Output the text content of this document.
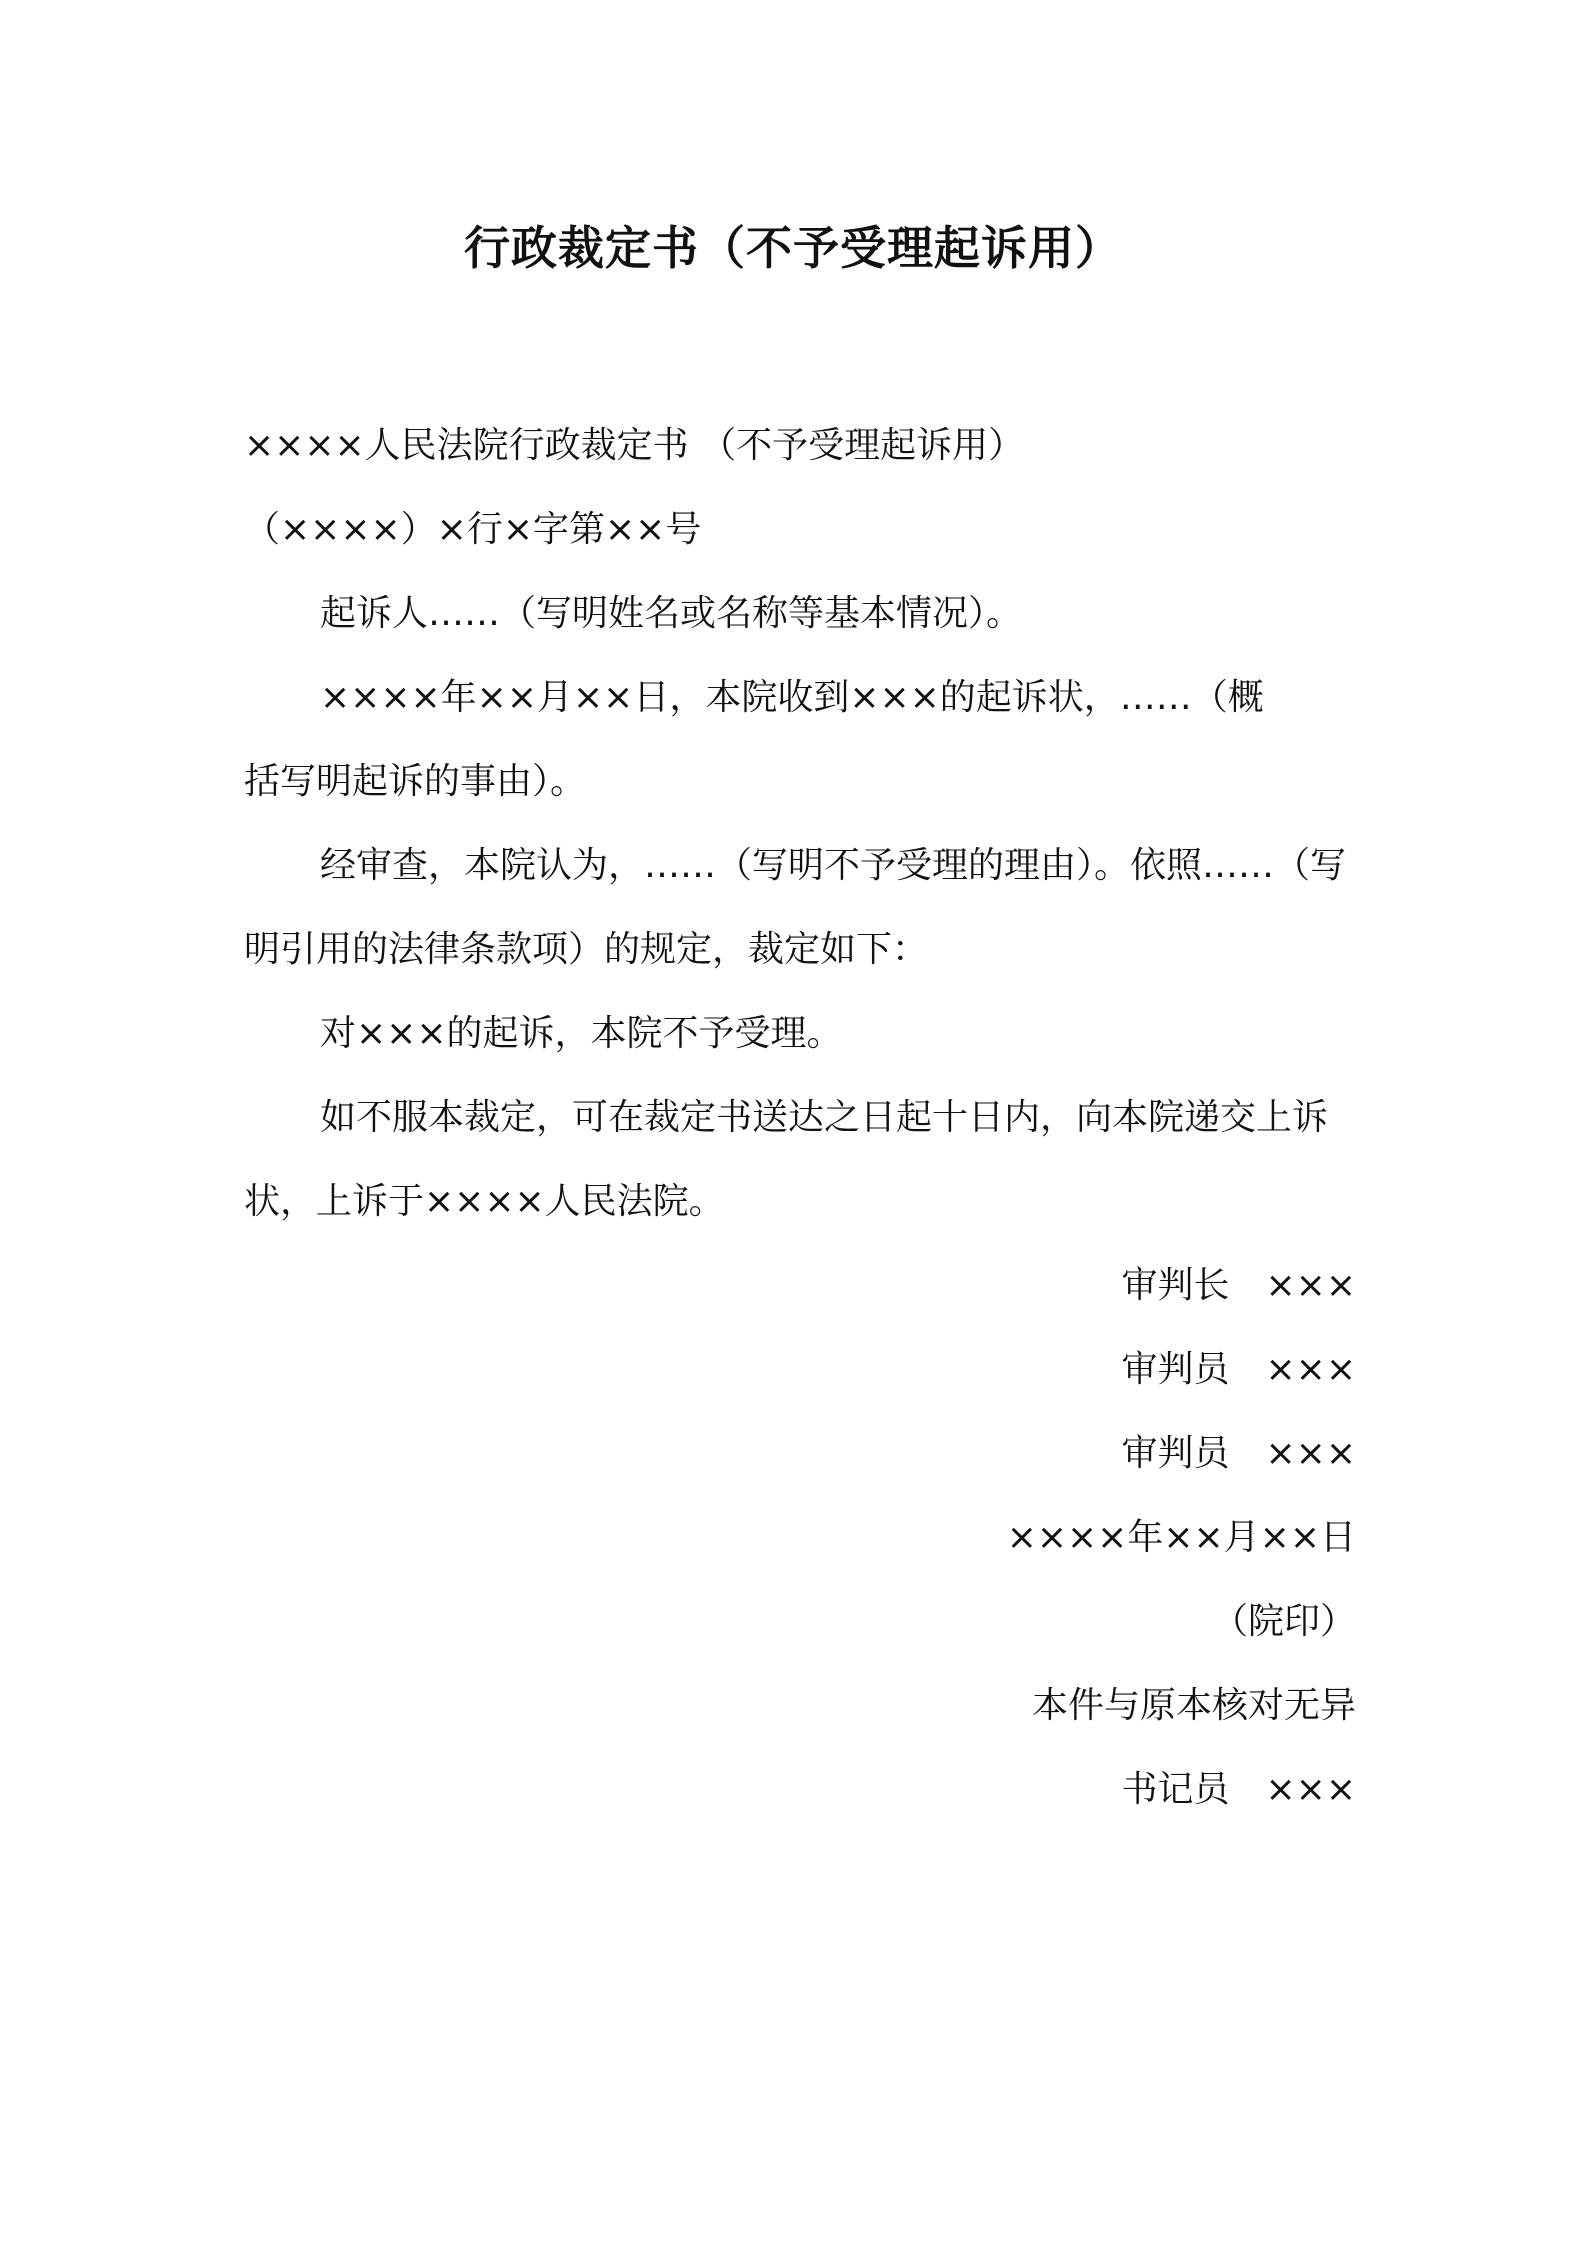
行政裁定书（不予受理起诉用）

××××人民法院行政裁定书 （不予受理起诉用）

（××××）×行×字第××号

起诉人……（写明姓名或名称等基本情况）。

××××年××月××日，本院收到×××的起诉状，……（概

括写明起诉的事由）。

经审查，本院认为，……（写明不予受理的理由）。依照……（写

明引用的法律条款项）的规定，裁定如下：

对×××的起诉，本院不予受理。

如不服本裁定，可在裁定书送达之日起十日内，向本院递交上诉

状，上诉于××××人民法院。

审判长　×××

审判员　×××

审判员　×××

××××年××月××日

（院印）

本件与原本核对无异

书记员　×××
